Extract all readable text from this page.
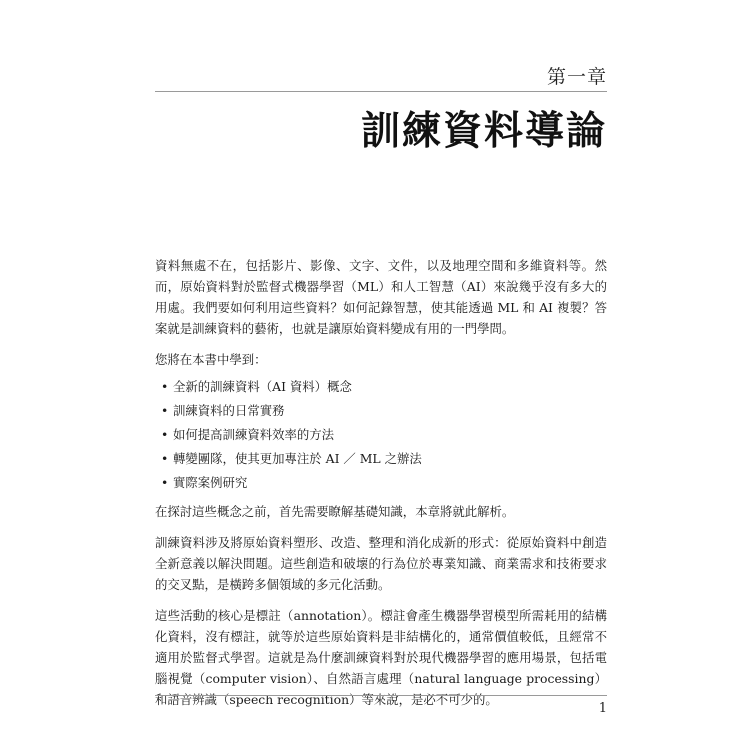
第一章
訓練資料導論

資料無處不在，包括影片、影像、文字、文件，以及地理空間和多維資料等。然而，原始資料對於監督式機器學習（ML）和人工智慧（AI）來說幾乎沒有多大的用處。我們要如何利用這些資料？如何記錄智慧，使其能透過 ML 和 AI 複製？答案就是訓練資料的藝術，也就是讓原始資料變成有用的一門學問。

您將在本書中學到：

• 全新的訓練資料（AI 資料）概念
• 訓練資料的日常實務
• 如何提高訓練資料效率的方法
• 轉變團隊，使其更加專注於 AI ／ ML 之辦法
• 實際案例研究

在探討這些概念之前，首先需要瞭解基礎知識，本章將就此解析。

訓練資料涉及將原始資料塑形、改造、整理和消化成新的形式：從原始資料中創造全新意義以解決問題。這些創造和破壞的行為位於專業知識、商業需求和技術要求的交叉點，是橫跨多個領域的多元化活動。

這些活動的核心是標註（annotation）。標註會產生機器學習模型所需耗用的結構化資料，沒有標註，就等於這些原始資料是非結構化的，通常價值較低，且經常不適用於監督式學習。這就是為什麼訓練資料對於現代機器學習的應用場景，包括電腦視覺（computer vision）、自然語言處理（natural language processing）和語音辨識（speech recognition）等來說，是必不可少的。

1
